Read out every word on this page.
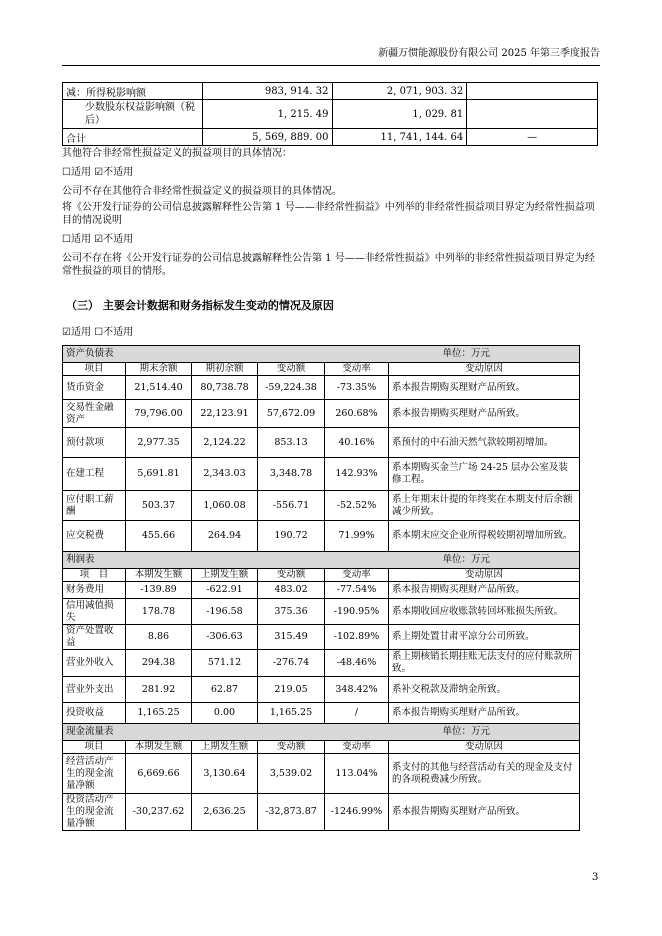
新疆万惯能源股份有限公司 2025 年第三季度报告
减：所得税影响额	983, 914. 32	2, 071, 903. 32	
少数股东权益影响额（税后）	1, 215. 49	1, 029. 81	
合计	5, 569, 889. 00	11, 741, 144. 64	—
其他符合非经常性损益定义的损益项目的具体情况：
☐适用 ☑不适用
公司不存在其他符合非经常性损益定义的损益项目的具体情况。
将《公开发行证券的公司信息披露解释性公告第 1 号——非经常性损益》中列举的非经常性损益项目界定为经常性损益项目的情况说明
☐适用 ☑不适用
公司不存在将《公开发行证券的公司信息披露解释性公告第 1 号——非经常性损益》中列举的非经常性损益项目界定为经常性损益的项目的情形。
（三） 主要会计数据和财务指标发生变动的情况及原因
☑适用 ☐不适用
资产负债表 单位：万元					

项目	期末余额	期初余额	变动额	变动率	变动原因
货币资金	21,514.40	80,738.78	-59,224.38	-73.35%	系本报告期购买理财产品所致。
交易性金融资产	79,796.00	22,123.91	57,672.09	260.68%	系本报告期购买理财产品所致。
预付款项	2,977.35	2,124.22	853.13	40.16%	系预付的中石油天然气款较期初增加。
在建工程	5,691.81	2,343.03	3,348.78	142.93%	系本期购买金兰广场 24-25 层办公室及装修工程。
应付职工薪酬	503.37	1,060.08	-556.71	-52.52%	系上年期末计提的年终奖在本期支付后余额减少所致。
应交税费	455.66	264.94	190.72	71.99%	系本期末应交企业所得税较期初增加所致。
利润表 单位：万元					

项　目	本期发生额	上期发生额	变动额	变动率	变动原因
财务费用	-139.89	-622.91	483.02	-77.54%	系本报告期购买理财产品所致。
信用减值损失	178.78	-196.58	375.36	-190.95%	系本期收回应收账款转回坏账损失所致。
资产处置收益	8.86	-306.63	315.49	-102.89%	系上期处置甘肃平凉分公司所致。
营业外收入	294.38	571.12	-276.74	-48.46%	系上期核销长期挂账无法支付的应付账款所致。
营业外支出	281.92	62.87	219.05	348.42%	系补交税款及滞纳金所致。
投资收益	1,165.25	0.00	1,165.25	/	系本报告期购买理财产品所致。
现金流量表 单位：万元					

项目	本期发生额	上期发生额	变动额	变动率	变动原因
经营活动产生的现金流量净额	6,669.66	3,130.64	3,539.02	113.04%	系支付的其他与经营活动有关的现金及支付的各项税费减少所致。
投资活动产生的现金流量净额	-30,237.62	2,636.25	-32,873.87	-1246.99%	系本报告期购买理财产品所致。
3
